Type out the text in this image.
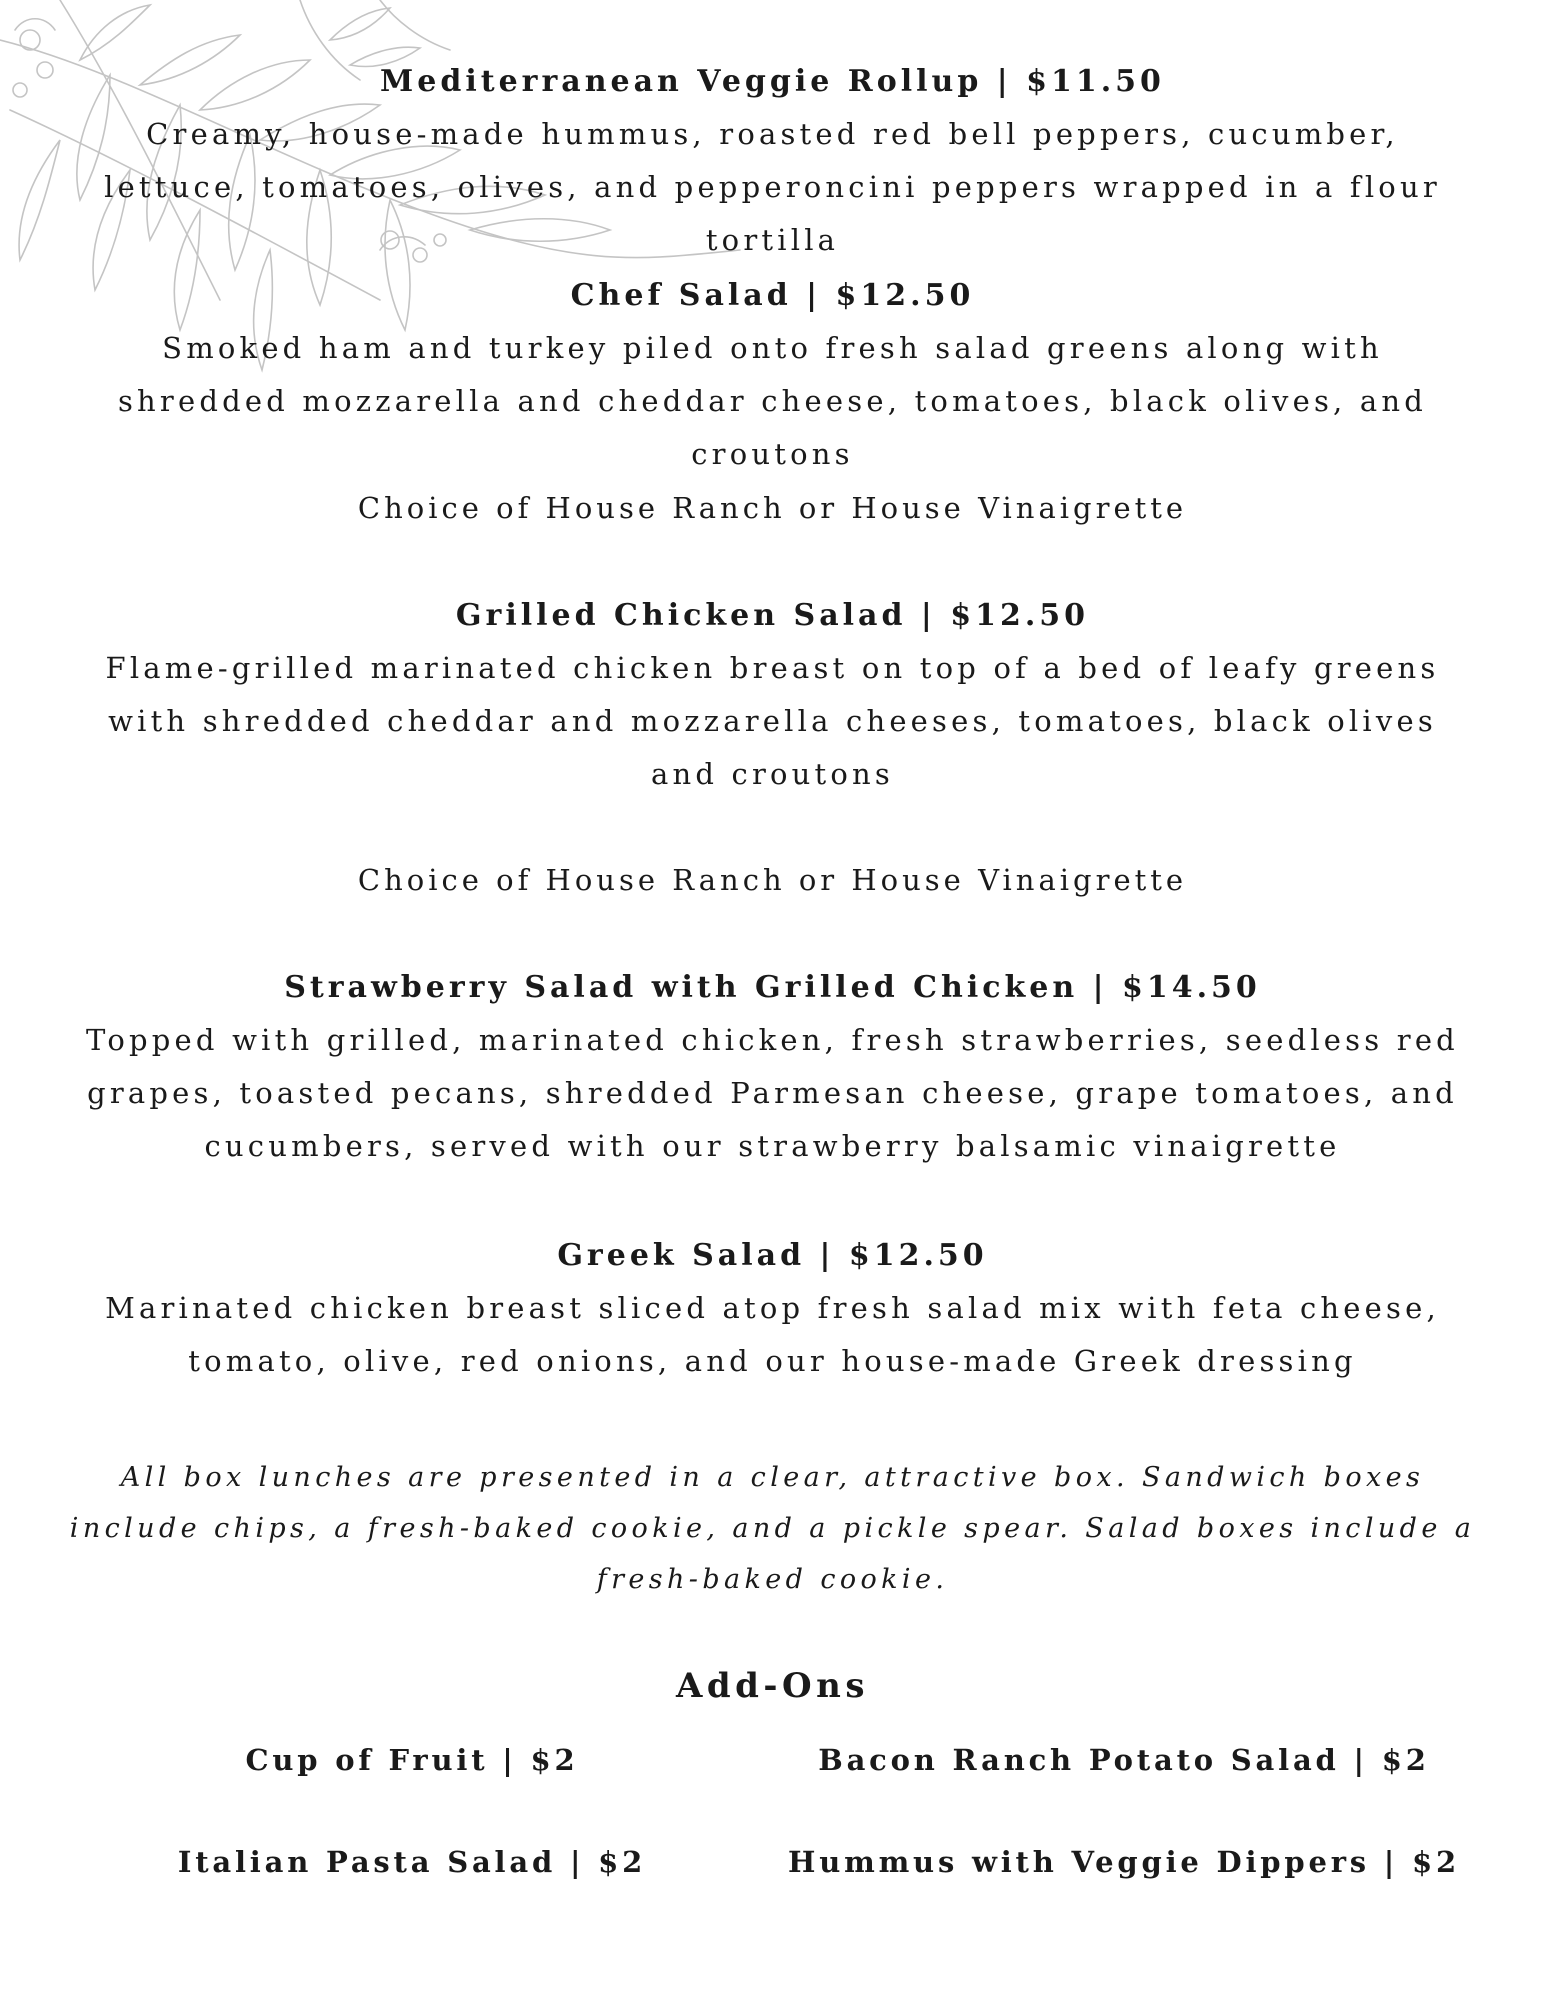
Mediterranean Veggie Rollup | $11.50

Creamy, house-made hummus, roasted red bell peppers, cucumber, lettuce, tomatoes, olives, and pepperoncini peppers wrapped in a flour tortilla

Chef Salad | $12.50

Smoked ham and turkey piled onto fresh salad greens along with shredded mozzarella and cheddar cheese, tomatoes, black olives, and croutons

Choice of House Ranch or House Vinaigrette

Grilled Chicken Salad | $12.50

Flame-grilled marinated chicken breast on top of a bed of leafy greens with shredded cheddar and mozzarella cheeses, tomatoes, black olives and croutons

Choice of House Ranch or House Vinaigrette

Strawberry Salad with Grilled Chicken | $14.50

Topped with grilled, marinated chicken, fresh strawberries, seedless red grapes, toasted pecans, shredded Parmesan cheese, grape tomatoes, and cucumbers, served with our strawberry balsamic vinaigrette

Greek Salad | $12.50

Marinated chicken breast sliced atop fresh salad mix with feta cheese, tomato, olive, red onions, and our house-made Greek dressing

All box lunches are presented in a clear, attractive box. Sandwich boxes include chips, a fresh-baked cookie, and a pickle spear. Salad boxes include a fresh-baked cookie.

Add-Ons
Cup of Fruit | $2	Bacon Ranch Potato Salad | $2
Italian Pasta Salad | $2	Hummus with Veggie Dippers | $2
